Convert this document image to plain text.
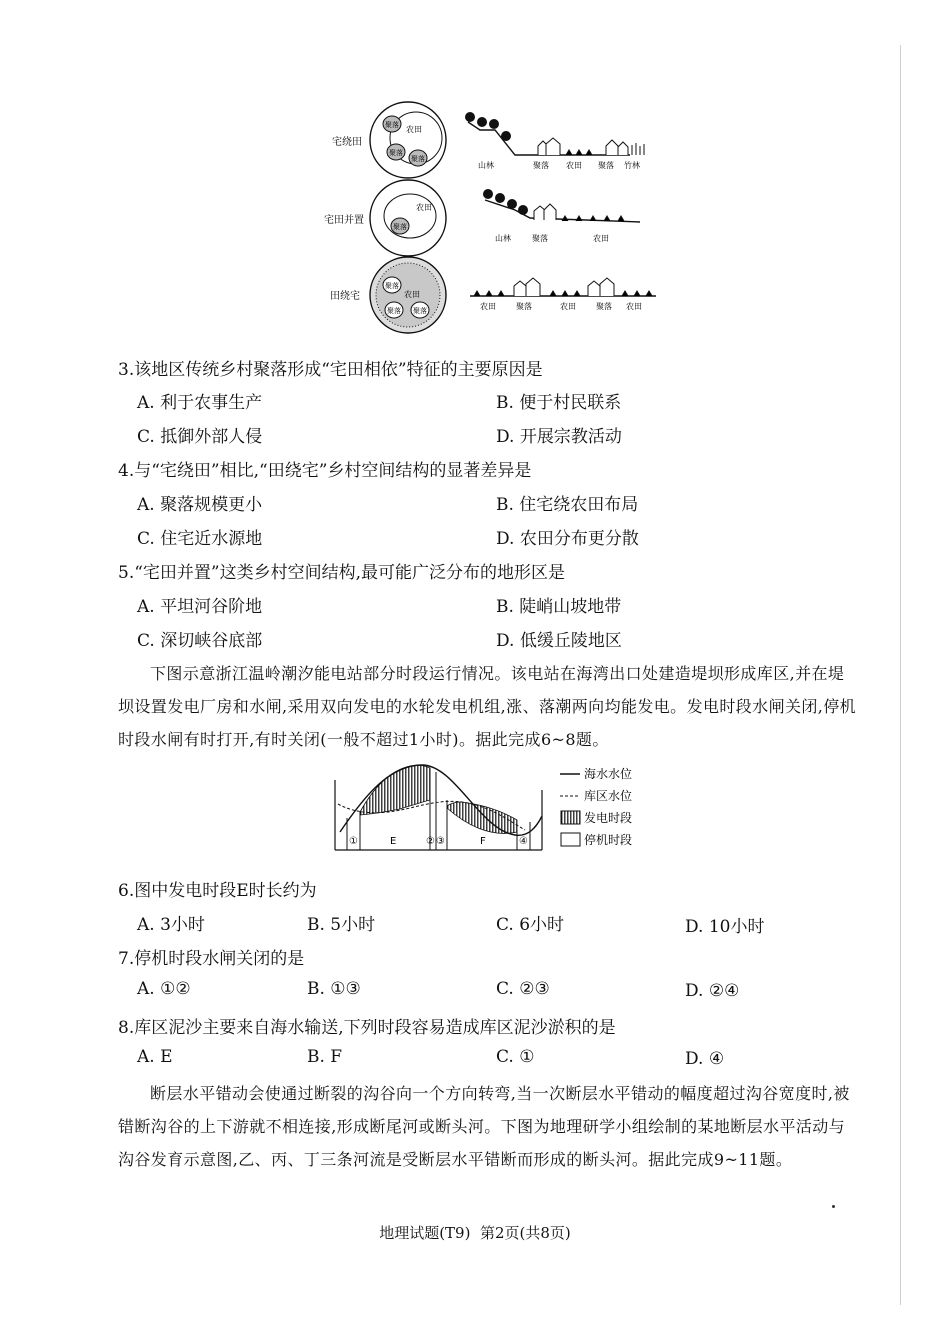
宅绕田
农田
聚落
聚落
聚落
山林	聚落 农田 聚落 竹林
宅田并置
农田
聚落
山林	聚落	农田
田绕宅	农田
聚落
聚落 聚落	农田	聚落	农田	聚落 农田
3.该地区传统乡村聚落形成“宅田相依”特征的主要原因是
A. 利于农事生产	B. 便于村民联系
C. 抵御外部人侵	D. 开展宗教活动
4.与“宅绕田”相比,“田绕宅”乡村空间结构的显著差异是
A. 聚落规模更小	B. 住宅绕农田布局
C. 住宅近水源地	D. 农田分布更分散
5.“宅田并置”这类乡村空间结构,最可能广泛分布的地形区是
A. 平坦河谷阶地	B. 陡峭山坡地带
C. 深切峡谷底部	D. 低缓丘陵地区
下图示意浙江温岭潮汐能电站部分时段运行情况。该电站在海湾出口处建造堤坝形成库区,并在堤坝设置发电厂房和水闸,采用双向发电的水轮发电机组,涨、落潮两向均能发电。发电时段水闸关闭,停机时段水闸有时打开,有时关闭(一般不超过1小时)。据此完成6~8题。
①	E	② ③	F	④
海水水位
库区水位
发电时段
停机时段
6.图中发电时段E时长约为
A. 3小时	B. 5小时	C. 6小时	D. 10小时
7.停机时段水闸关闭的是
A. ①②	B. ①③	C. ②③	D. ②④
8.库区泥沙主要来自海水输送,下列时段容易造成库区泥沙淤积的是
A. E	B. F	C. ①	D. ④
断层水平错动会使通过断裂的沟谷向一个方向转弯,当一次断层水平错动的幅度超过沟谷宽度时,被错断沟谷的上下游就不相连接,形成断尾河或断头河。下图为地理研学小组绘制的某地断层水平活动与沟谷发育示意图,乙、丙、丁三条河流是受断层水平错断而形成的断头河。据此完成9~11题。
地理试题(T9)  第2页(共8页)
